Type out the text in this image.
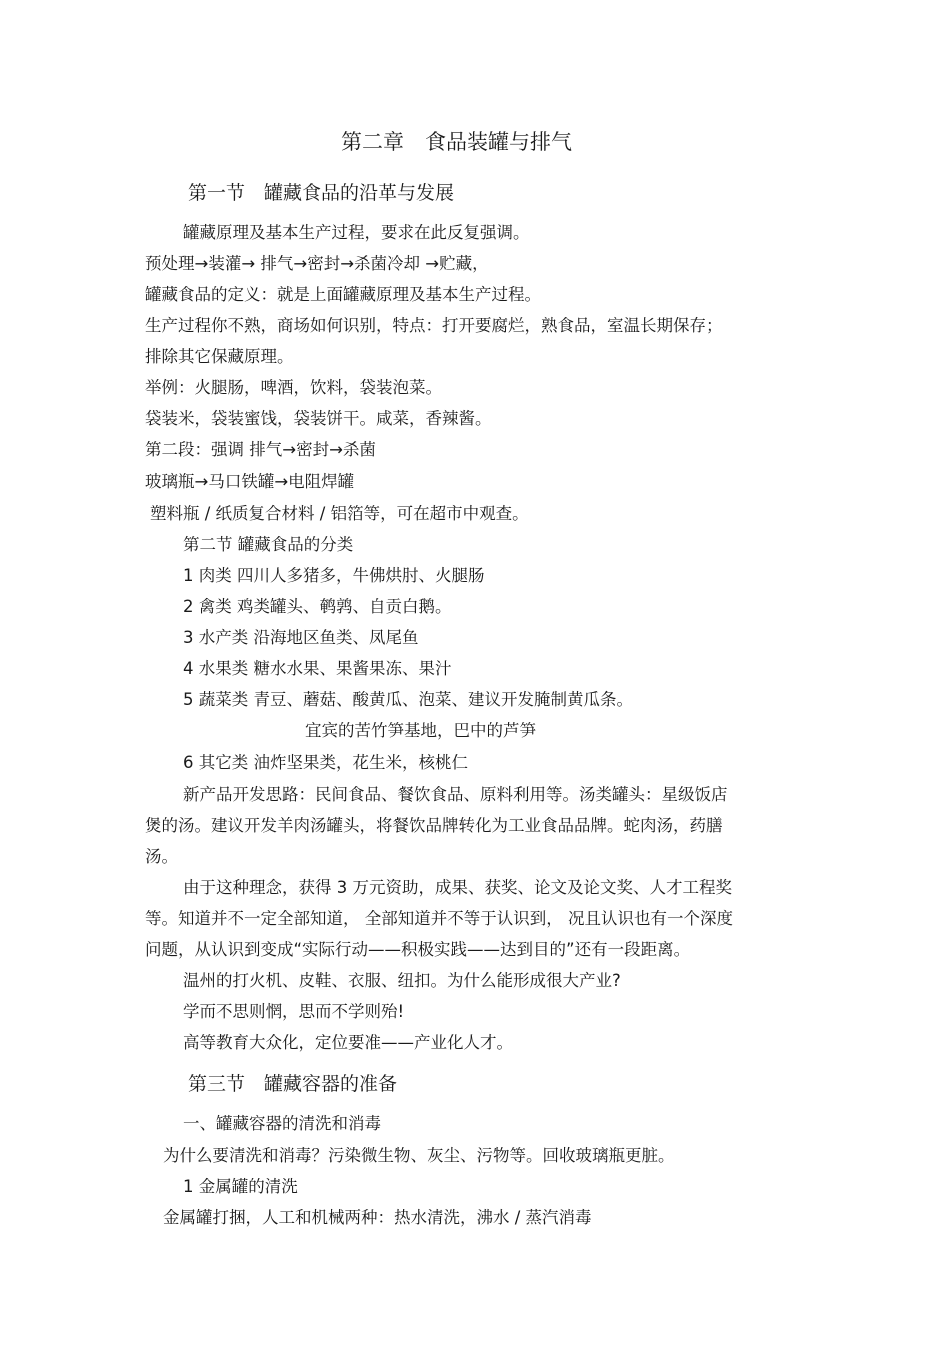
第二章　食品装罐与排气
第一节　罐藏食品的沿革与发展
罐藏原理及基本生产过程，要求在此反复强调。
预处理→装灌→ 排气→密封→杀菌冷却 →贮藏，
罐藏食品的定义：就是上面罐藏原理及基本生产过程。
生产过程你不熟，商场如何识别，特点：打开要腐烂，熟食品，室温长期保存；
排除其它保藏原理。
举例：火腿肠，啤酒，饮料，袋装泡菜。
袋装米，袋装蜜饯，袋装饼干。咸菜，香辣酱。
第二段：强调 排气→密封→杀菌
玻璃瓶→马口铁罐→电阻焊罐
塑料瓶 / 纸质复合材料 / 铝箔等，可在超市中观查。
第二节 罐藏食品的分类
1 肉类 四川人多猪多，牛佛烘肘、火腿肠
2 禽类 鸡类罐头、鹌鹑、自贡白鹅。
3 水产类 沿海地区鱼类、凤尾鱼
4 水果类 糖水水果、果酱果冻、果汁
5 蔬菜类 青豆、蘑菇、酸黄瓜、泡菜、建议开发腌制黄瓜条。
宜宾的苦竹笋基地，巴中的芦笋
6 其它类 油炸坚果类，花生米，核桃仁
新产品开发思路：民间食品、餐饮食品、原料利用等。汤类罐头：星级饭店
煲的汤。建议开发羊肉汤罐头，将餐饮品牌转化为工业食品品牌。蛇肉汤，药膳
汤。
由于这种理念，获得 3 万元资助，成果、获奖、论文及论文奖、人才工程奖
等。知道并不一定全部知道， 全部知道并不等于认识到， 况且认识也有一个深度
问题，从认识到变成“实际行动——积极实践——达到目的”还有一段距离。
温州的打火机、皮鞋、衣服、纽扣。为什么能形成很大产业?
学而不思则惘，思而不学则殆!
高等教育大众化，定位要准——产业化人才。
第三节　罐藏容器的准备
一、罐藏容器的清洗和消毒
为什么要清洗和消毒？污染微生物、灰尘、污物等。回收玻璃瓶更脏。
1 金属罐的清洗
金属罐打捆，人工和机械两种：热水清洗，沸水 / 蒸汽消毒
